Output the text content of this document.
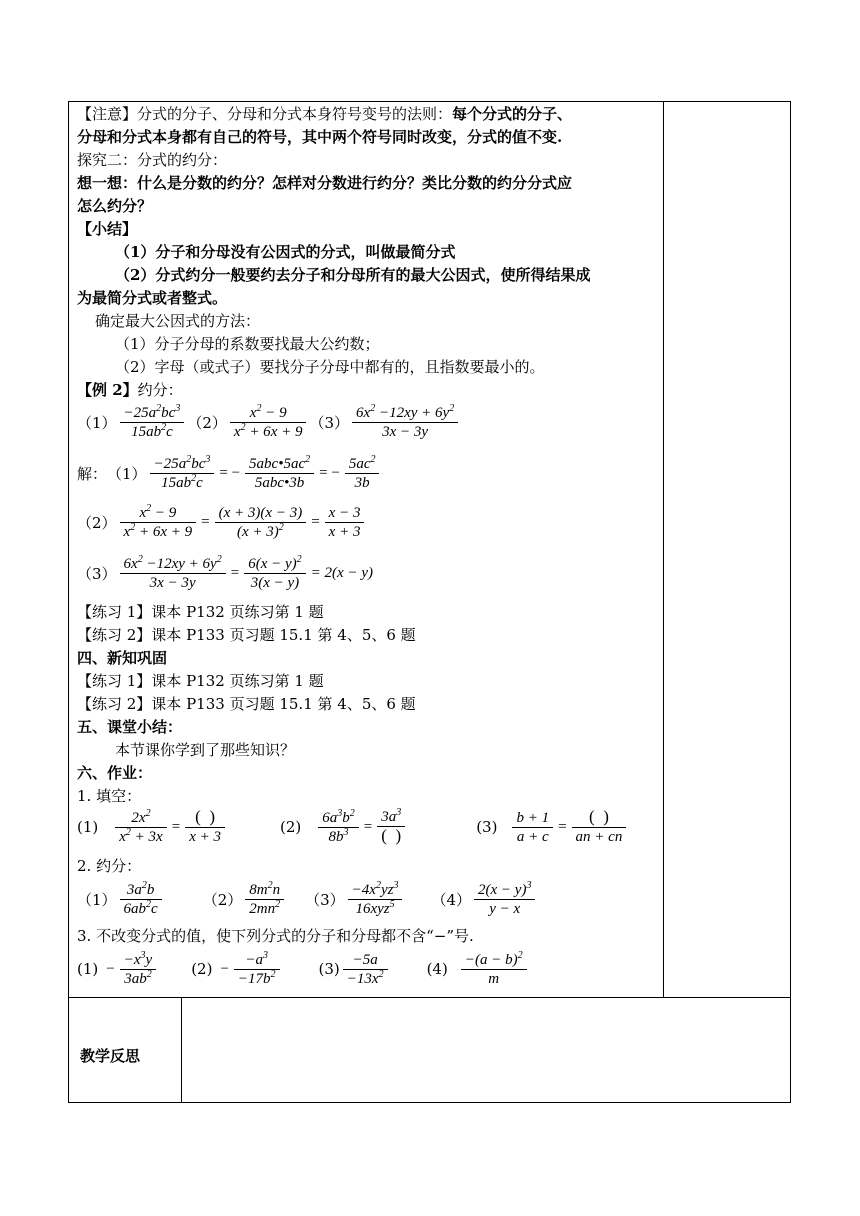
【注意】分式的分子、分母和分式本身符号变号的法则：每个分式的分子、
分母和分式本身都有自己的符号，其中两个符号同时改变，分式的值不变.
探究二：分式的约分：
想一想：什么是分数的约分？怎样对分数进行约分？类比分数的约分分式应
怎么约分？
【小结】
（1）分子和分母没有公因式的分式，叫做最简分式
（2）分式约分一般要约去分子和分母所有的最大公因式，使所得结果成
为最简分式或者整式。
确定最大公因式的方法：
（1）分子分母的系数要找最大公约数；
（2）字母（或式子）要找分子分母中都有的，且指数要最小的。
【例 2】约分：
$(1) \frac{-25a^2bc^3}{15ab^2c} (2) \frac{x^2 - 9}{x^2 + 6x + 9} (3) \frac{6x^2 -12xy + 6y^2}{3x - 3y}$
解： $(1) \frac{-25a^2bc^3}{15ab^2c}$ = − $\frac{5abc•5ac^2}{\text{5abc•3b}}$ = − $\frac{5ac^2}{3b}$
$(2) \frac{x^2 - 9}{x^2 + 6x + 9} = \frac{(x + 3)(x - 3)}{(x + 3)^2} = \frac{x - 3}{x + 3}$
$(3) \frac{6x^2 -12xy + 6y^2}{3x - 3y} = \frac{6(x - y)^2}{3(x - y)} = 2(x - y)$
【练习 1】课本 P132 页练习第 1 题
【练习 2】课本 P133 页习题 15.1 第 4、5、6 题
四、新知巩固
【练习 1】课本 P132 页练习第 1 题
【练习 2】课本 P133 页习题 15.1 第 4、5、6 题
五、课堂小结：
本节课你学到了那些知识？
六、作业：
1. 填空：
$(1) \frac{2x^2}{x^2 + 3x} = \frac{( )}{x + 3}$	$(2) \frac{6a^3b^2}{8b^3} = \frac{3a^3}{( )}$	$(3) \frac{b + 1}{a + c} = \frac{( )}{an + cn}$
2. 约分：
$(1) \frac{3a^2b}{6ab^2c}$	$(2) \frac{8m^2n}{2mn^2} (3) \frac{-4x^2yz^3}{16xyz^5} (4) \frac{2(x - y)^3}{y - x}$
3. 不改变分式的值，使下列分式的分子和分母都不含“−”号.
$(1) - \frac{-x^3y}{3ab^2} (2) - \frac{-a^3}{-17b^2}$	$(3) \frac{-5a}{-13x^2}$	$(4) \frac{-(a - b)^2}{m}$
教学反思
